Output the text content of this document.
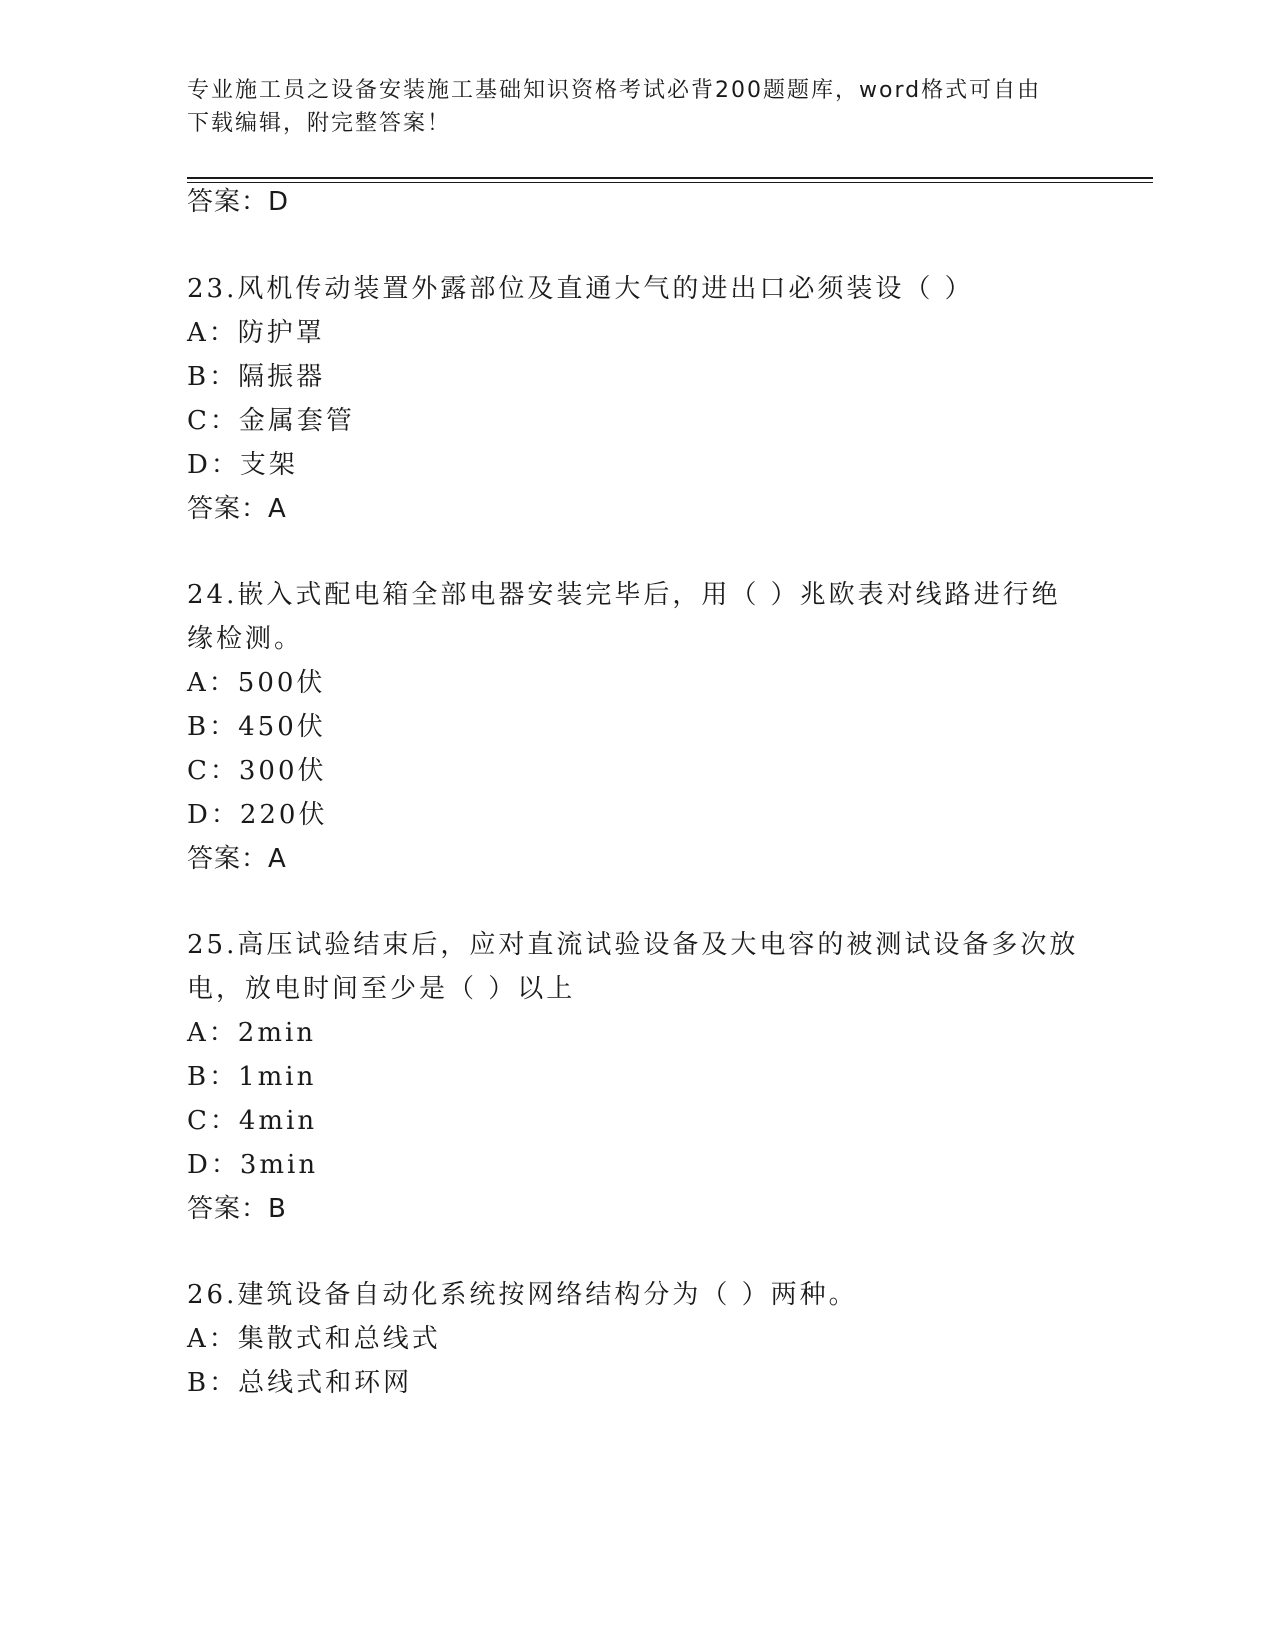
专业施工员之设备安装施工基础知识资格考试必背200题题库，word格式可自由
下载编辑，附完整答案！
答案：D
23.风机传动装置外露部位及直通大气的进出口必须装设（ ）
A：防护罩
B：隔振器
C：金属套管
D：支架
答案：A
24.嵌入式配电箱全部电器安装完毕后，用（ ）兆欧表对线路进行绝
缘检测。
A：500伏
B：450伏
C：300伏
D：220伏
答案：A
25.高压试验结束后，应对直流试验设备及大电容的被测试设备多次放
电，放电时间至少是（ ）以上
A：2min
B：1min
C：4min
D：3min
答案：B
26.建筑设备自动化系统按网络结构分为（ ）两种。
A：集散式和总线式
B：总线式和环网
